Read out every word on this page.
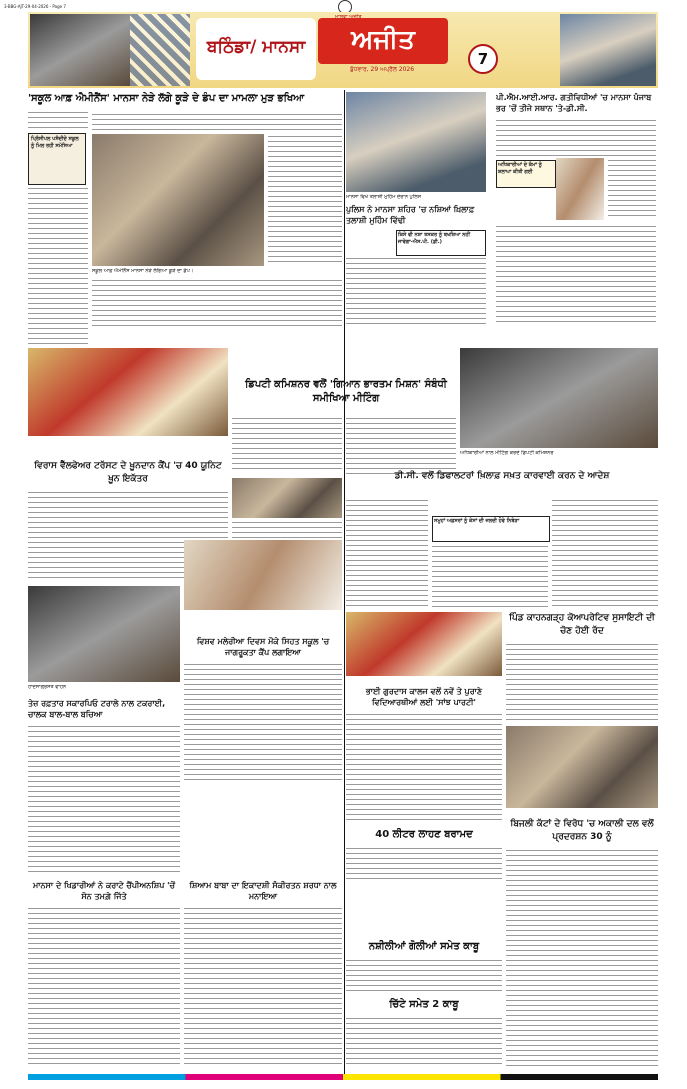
3-BBG-AJT-29-04-2026 - Page 7
ਬਠਿੰਡਾ/ ਮਾਨਸਾ	ਅਜੀਤ
ਮਾਲਵਾ ਅਜੀਤ
ਬੁੱਧਵਾਰ, 29 ਅਪ੍ਰੈਲ 2026
7
'ਸਕੂਲ ਆਫ਼ ਐਮੀਨੈਂਸ' ਮਾਨਸਾ ਨੇੜੇ ਲੱਗੇ ਕੂੜੇ ਦੇ ਡੰਪ ਦਾ ਮਾਮਲਾ ਮੁੜ ਭਖਿਆ
ਪ੍ਰਿੰਸੀਪਲ ਪਸੰਦੀਦੇ ਸਕੂਲ ਨੂੰ ਮਿਲ ਰਹੀ ਸਮੱਸਿਆ
ਸਕੂਲ ਆਫ਼ ਐਮੀਨੈਂਸ ਮਾਨਸਾ ਨੇੜੇ ਲੱਗਿਆ ਕੂੜੇ ਦਾ ਡੰਪ।
ਮਾਨਸਾ ਵਿਖੇ ਤਲਾਸ਼ੀ ਮੁਹਿੰਮ ਦੌਰਾਨ ਪੁਲਿਸ
ਪੁਲਿਸ ਨੇ ਮਾਨਸਾ ਸ਼ਹਿਰ 'ਚ ਨਸ਼ਿਆਂ ਖ਼ਿਲਾਫ਼ ਤਲਾਸ਼ੀ ਮੁਹਿੰਮ ਵਿੱਢੀ
ਕਿਸੇ ਵੀ ਨਸ਼ਾ ਤਸਕਰ ਨੂੰ ਬਖਸ਼ਿਆ ਨਹੀਂ ਜਾਵੇਗਾ-ਐਸ.ਪੀ. (ਡੀ.)
ਪੀ.ਐਮ.ਆਈ.ਆਰ. ਗਤੀਵਿਧੀਆਂ 'ਚ ਮਾਨਸਾ ਪੰਜਾਬ ਭਰ 'ਚੋਂ ਤੀਜੇ ਸਥਾਨ 'ਤੇ-ਡੀ.ਸੀ.
ਅਧਿਕਾਰੀਆਂ ਦੇ ਕੰਮਾਂ ਨੂੰ ਸ਼ਲਾਘਾ ਕੀਤੀ ਗਈ
ਡਿਪਟੀ ਕਮਿਸ਼ਨਰ ਵਲੋਂ 'ਗਿਆਨ ਭਾਰਤਮ ਮਿਸ਼ਨ' ਸੰਬੰਧੀ ਸਮੀਖਿਆ ਮੀਟਿੰਗ
ਅਧਿਕਾਰੀਆਂ ਨਾਲ ਮੀਟਿੰਗ ਕਰਦੇ ਡਿਪਟੀ ਕਮਿਸ਼ਨਰ
ਵਿਰਾਸ ਵੈੱਲਫੇਅਰ ਟਰੱਸਟ ਦੇ ਖ਼ੂਨਦਾਨ ਕੈਂਪ 'ਚ 40 ਯੂਨਿਟ ਖ਼ੂਨ ਇਕੱਤਰ	ਡੀ.ਸੀ. ਵਲੋਂ ਡਿਫਾਲਟਰਾਂ ਖ਼ਿਲਾਫ਼ ਸਖ਼ਤ ਕਾਰਵਾਈ ਕਰਨ ਦੇ ਆਦੇਸ਼
ਸਮੂਹਾਂ ਅਫ਼ਸਰਾਂ ਨੂੰ ਕੇਸਾਂ ਦੀ ਜਲਦੀ ਹੋਵੇ ਨਿਬੇੜਾ
ਵਿਸ਼ਵ ਮਲੇਰੀਆ ਦਿਵਸ ਮੌਕੇ ਸਿਹਤ ਸਕੂਲ 'ਚ ਜਾਗਰੂਕਤਾ ਕੈਂਪ ਲਗਾਇਆ
ਹਾਦਸਾਗ੍ਰਸਤ ਵਾਹਨ
ਤੇਜ਼ ਰਫ਼ਤਾਰ ਸਕਾਰਪਿਓ ਟਰਾਲੇ ਨਾਲ ਟਕਰਾਈ, ਚਾਲਕ ਬਾਲ-ਬਾਲ ਬਚਿਆ
ਪਿੰਡ ਕਾਹਨਗੜ੍ਹ ਕੋਆਪਰੇਟਿਵ ਸੁਸਾਇਟੀ ਦੀ ਚੋਣ ਹੋਈ ਰੱਦ
ਭਾਈ ਗੁਰਦਾਸ ਕਾਲਜ ਵਲੋਂ ਨਵੇਂ ਤੇ ਪੁਰਾਣੇ ਵਿਦਿਆਰਥੀਆਂ ਲਈ 'ਸਾਂਝ ਪਾਰਟੀ'
40 ਲੀਟਰ ਲਾਹਣ ਬਰਾਮਦ
ਬਿਜਲੀ ਕੱਟਾਂ ਦੇ ਵਿਰੋਧ 'ਚ ਅਕਾਲੀ ਦਲ ਵਲੋਂ ਪ੍ਰਦਰਸ਼ਨ 30 ਨੂੰ
ਮਾਨਸਾ ਦੇ ਖਿਡਾਰੀਆਂ ਨੇ ਕਰਾਟੇ ਚੈਂਪੀਅਨਸ਼ਿਪ 'ਚੋਂ ਸੋਨ ਤਮਗ਼ੇ ਜਿੱਤੇ
ਸ਼ਿਆਮ ਬਾਬਾ ਦਾ ਇਕਾਦਸ਼ੀ ਸੰਕੀਰਤਨ ਸ਼ਰਧਾ ਨਾਲ ਮਨਾਇਆ
ਨਸ਼ੀਲੀਆਂ ਗੋਲੀਆਂ ਸਮੇਤ ਕਾਬੂ
ਚਿੱਟੇ ਸਮੇਤ 2 ਕਾਬੂ
